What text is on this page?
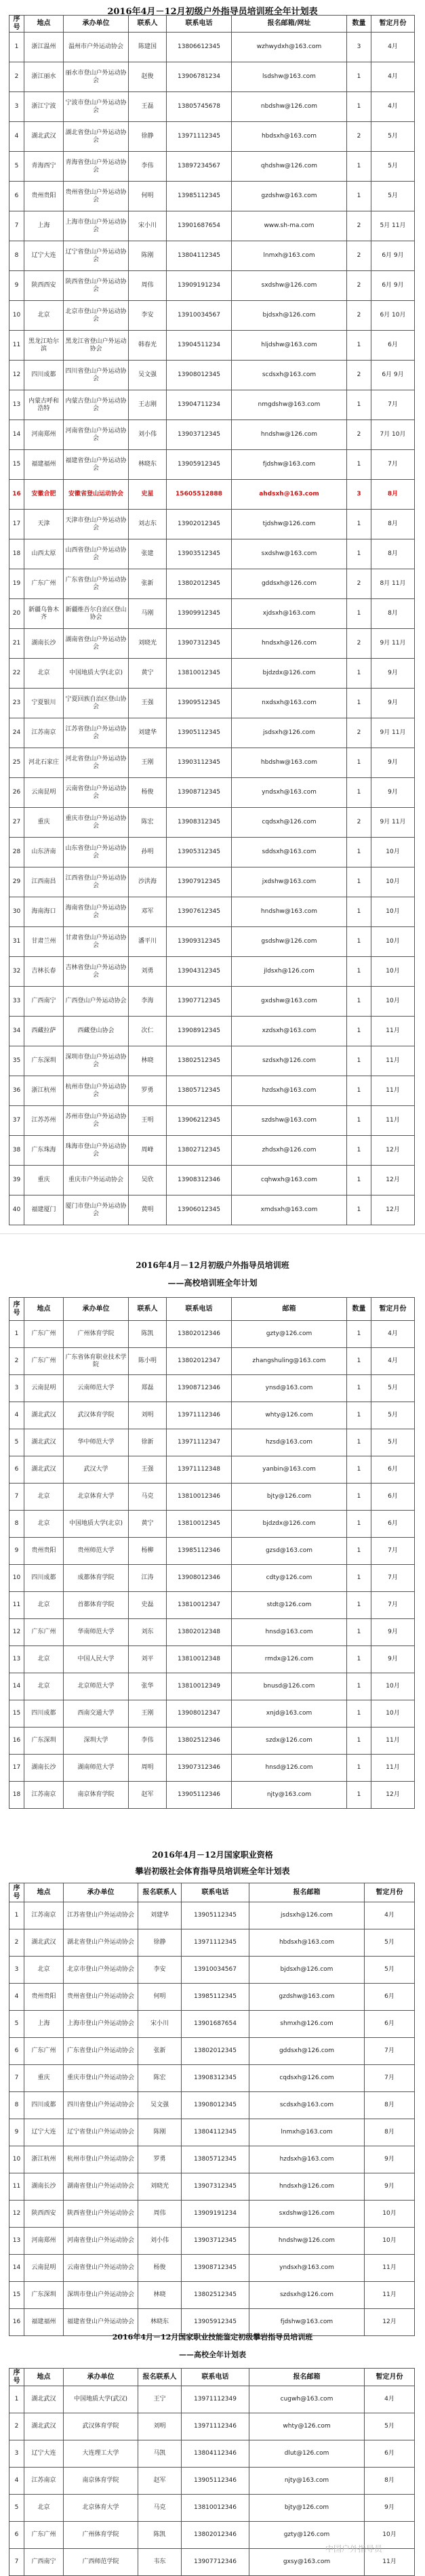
2016年4月－12月初级户外指导员培训班全年计划表
序号	地点	承办单位	联系人	联系电话	报名邮箱/网址	数量	暂定月份
1	浙江温州	温州市户外运动协会	陈建国	13806612345	wzhwydxh@163.com	3	4月
2	浙江丽水	丽水市登山户外运动协会	赵俊	13906781234	lsdshw@163.com	1	4月
3	浙江宁波	宁波市登山户外运动协会	王磊	13805745678	nbdshw@126.com	1	4月
4	湖北武汉	湖北省登山户外运动协会	徐静	13971112345	hbdsxh@163.com	2	5月
5	青海西宁	青海省登山户外运动协会	李伟	13897234567	qhdshw@126.com	1	5月
6	贵州贵阳	贵州省登山户外运动协会	何明	13985112345	gzdshw@163.com	1	5月
7	上海	上海市登山户外运动协会	宋小川	13901687654	www.sh-ma.com	2	5月 11月
8	辽宁大连	辽宁省登山户外运动协会	陈刚	13804112345	lnmxh@163.com	2	6月 9月
9	陕西西安	陕西省登山户外运动协会	周伟	13909191234	sxdshw@126.com	2	6月 9月
10	北京	北京市登山户外运动协会	李安	13910034567	bjdsxh@126.com	2	6月 10月
11	黑龙江哈尔滨	黑龙江省登山户外运动协会	韩春光	13904511234	hljdshw@163.com	1	6月
12	四川成都	四川省登山户外运动协会	吴文强	13908012345	scdsxh@163.com	2	6月 9月
13	内蒙古呼和浩特	内蒙古登山户外运动协会	王志刚	13904711234	nmgdshw@163.com	1	7月
14	河南郑州	河南省登山户外运动协会	刘小伟	13903712345	hndshw@126.com	2	7月 10月
15	福建福州	福建省登山户外运动协会	林晓东	13905912345	fjdshw@163.com	1	7月
16	安徽合肥	安徽省登山运动协会	史星	15605512888	ahdsxh@163.com	3	8月
17	天津	天津市登山户外运动协会	刘志东	13902012345	tjdshw@126.com	1	8月
18	山西太原	山西省登山户外运动协会	张建	13903512345	sxdshw@163.com	1	8月
19	广东广州	广东省登山户外运动协会	张新	13802012345	gddsxh@126.com	2	8月 11月
20	新疆乌鲁木齐	新疆维吾尔自治区登山协会	马刚	13909912345	xjdsxh@163.com	1	8月
21	湖南长沙	湖南省登山户外运动协会	刘晓光	13907312345	hndsxh@126.com	2	9月 11月
22	北京	中国地质大学(北京)	黄宁	13810012345	bjdzdx@126.com	1	9月
23	宁夏银川	宁夏回族自治区登山协会	王强	13909512345	nxdsxh@163.com	1	9月
24	江苏南京	江苏省登山户外运动协会	刘建华	13905112345	jsdsxh@126.com	2	9月 11月
25	河北石家庄	河北省登山户外运动协会	王刚	13903112345	hbdshw@163.com	1	9月
26	云南昆明	云南省登山户外运动协会	杨俊	13908712345	yndsxh@163.com	1	9月
27	重庆	重庆市登山户外运动协会	陈宏	13908312345	cqdsxh@126.com	2	9月 11月
28	山东济南	山东省登山户外运动协会	孙明	13905312345	sddsxh@163.com	1	10月
29	江西南昌	江西省登山户外运动协会	沙洪海	13907912345	jxdshw@163.com	1	10月
30	海南海口	海南省登山户外运动协会	邓军	13907612345	hndshw@163.com	1	10月
31	甘肃兰州	甘肃省登山户外运动协会	潘平川	13909312345	gsdshw@126.com	1	10月
32	吉林长春	吉林省登山户外运动协会	刘勇	13904312345	jldsxh@126.com	1	10月
33	广西南宁	广西登山户外运动协会	李海	13907712345	gxdshw@163.com	1	10月
34	西藏拉萨	西藏登山协会	次仁	13908912345	xzdsxh@163.com	1	11月
35	广东深圳	深圳市登山户外运动协会	林晓	13802512345	szdsxh@126.com	1	11月
36	浙江杭州	杭州市登山户外运动协会	罗勇	13805712345	hzdsxh@163.com	1	11月
37	江苏苏州	苏州市登山户外运动协会	王明	13906212345	szdshw@163.com	1	11月
38	广东珠海	珠海市登山户外运动协会	周峰	13802712345	zhdsxh@126.com	1	12月
39	重庆	重庆市户外运动协会	吴欣	13908312346	cqhwxh@163.com	1	12月
40	福建厦门	厦门市登山户外运动协会	黄明	13906012345	xmdsxh@163.com	1	12月
2016年4月－12月初级户外指导员培训班
——高校培训班全年计划
序号	地点	承办单位	联系人	联系电话	邮箱	数量	暂定月份
1	广东广州	广州体育学院	陈凯	13802012346	gzty@126.com	1	4月
2	广东广州	广东省体育职业技术学院	陈小明	13802012347	zhangshuling@163.com	1	4月
3	云南昆明	云南师范大学	郑磊	13908712346	ynsd@163.com	1	5月
4	湖北武汉	武汉体育学院	刘明	13971112346	whty@126.com	1	5月
5	湖北武汉	华中师范大学	徐新	13971112347	hzsd@163.com	1	5月
6	湖北武汉	武汉大学	王强	13971112348	yanbin@163.com	1	6月
7	北京	北京体育大学	马克	13810012346	bjty@126.com	1	6月
8	北京	中国地质大学(北京)	黄宁	13810012345	bjdzdx@126.com	1	6月
9	贵州贵阳	贵州师范大学	杨柳	13985112346	gzsd@163.com	1	7月
10	四川成都	成都体育学院	江涛	13908012346	cdty@126.com	1	7月
11	北京	首都体育学院	史磊	13810012347	stdt@126.com	1	7月
12	广东广州	华南师范大学	刘东	13802012348	hnsd@163.com	1	9月
13	北京	中国人民大学	刘平	13810012348	rmdx@126.com	1	9月
14	北京	北京师范大学	张华	13810012349	bnusd@126.com	1	10月
15	四川成都	西南交通大学	王刚	13908012347	xnjd@163.com	1	10月
16	广东深圳	深圳大学	李伟	13802512346	szdx@126.com	1	11月
17	湖南长沙	湖南师范大学	周明	13907312346	hnsd@126.com	1	11月
18	江苏南京	南京体育学院	赵军	13905112346	njty@163.com	1	12月
2016年4月－12月国家职业资格
攀岩初级社会体育指导员培训班全年计划表
序号	地点	承办单位	报名联系人	联系电话	报名邮箱	暂定月份
1	江苏南京	江苏省登山户外运动协会	刘建华	13905112345	jsdsxh@126.com	4月
2	湖北武汉	湖北省登山户外运动协会	徐静	13971112345	hbdsxh@163.com	5月
3	北京	北京市登山户外运动协会	李安	13910034567	bjdsxh@126.com	5月
4	贵州贵阳	贵州省登山户外运动协会	何明	13985112345	gzdshw@163.com	6月
5	上海	上海市登山户外运动协会	宋小川	13901687654	shmxh@126.com	6月
6	广东广州	广东省登山户外运动协会	张新	13802012345	gddsxh@126.com	7月
7	重庆	重庆市登山户外运动协会	陈宏	13908312345	cqdsxh@126.com	7月
8	四川成都	四川省登山户外运动协会	吴文强	13908012345	scdsxh@163.com	8月
9	辽宁大连	辽宁省登山户外运动协会	陈刚	13804112345	lnmxh@163.com	8月
10	浙江杭州	杭州市登山户外运动协会	罗勇	13805712345	hzdsxh@163.com	9月
11	湖南长沙	湖南省登山户外运动协会	刘晓光	13907312345	hndsxh@126.com	9月
12	陕西西安	陕西省登山户外运动协会	周伟	13909191234	sxdshw@126.com	10月
13	河南郑州	河南省登山户外运动协会	刘小伟	13903712345	hndshw@126.com	10月
14	云南昆明	云南省登山户外运动协会	杨俊	13908712345	yndsxh@163.com	11月
15	广东深圳	深圳市登山户外运动协会	林晓	13802512345	szdsxh@126.com	11月
16	福建福州	福建省登山户外运动协会	林晓东	13905912345	fjdshw@163.com	12月
2016年4月－12月国家职业技能鉴定初级攀岩指导员培训班
——高校全年计划表
序号	地点	承办单位	报名联系人	联系电话	报名邮箱	暂定月份
1	湖北武汉	中国地质大学(武汉)	王宁	13971112349	cugwh@163.com	4月
2	湖北武汉	武汉体育学院	刘明	13971112346	whty@126.com	5月
3	辽宁大连	大连理工大学	马凯	13804112346	dlut@126.com	6月
4	江苏南京	南京体育学院	赵军	13905112346	njty@163.com	8月
5	北京	北京体育大学	马克	13810012346	bjty@126.com	9月
6	广东广州	广州体育学院	陈凯	13802012346	gzty@126.com	10月
7	广西南宁	广西师范学院	韦东	13907712346	gxsy@163.com	11月
中国户外指导员
